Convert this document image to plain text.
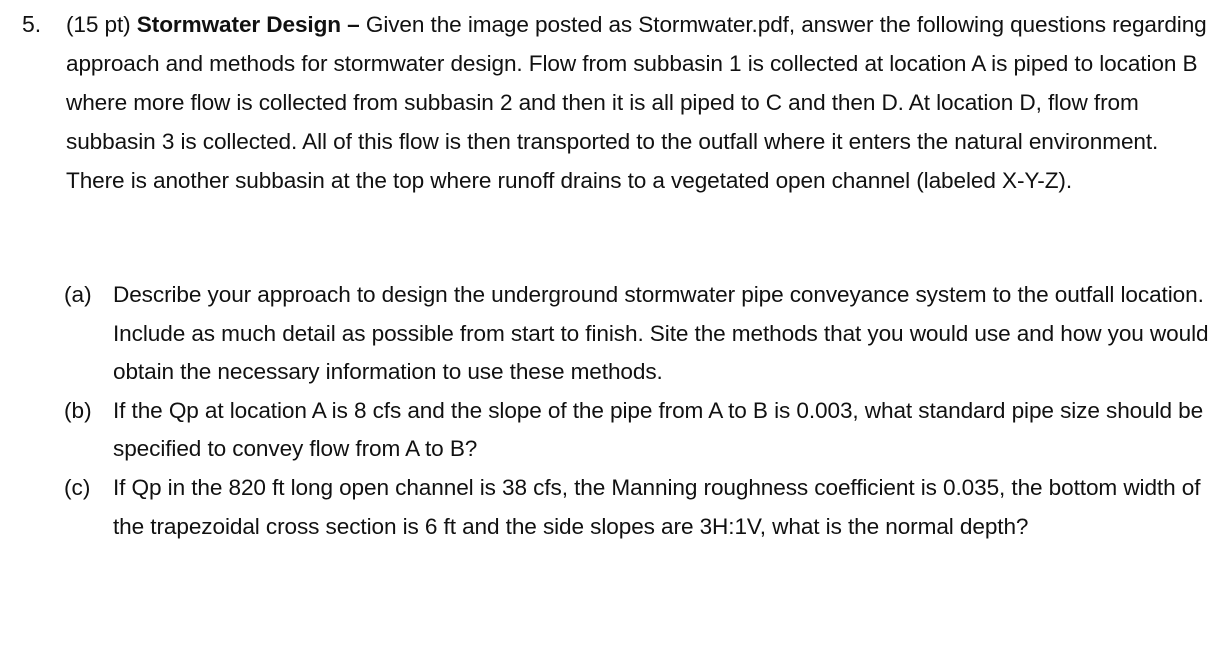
5. (15 pt) Stormwater Design – Given the image posted as Stormwater.pdf, answer the following questions regarding approach and methods for stormwater design. Flow from subbasin 1 is collected at location A is piped to location B where more flow is collected from subbasin 2 and then it is all piped to C and then D. At location D, flow from subbasin 3 is collected. All of this flow is then transported to the outfall where it enters the natural environment. There is another subbasin at the top where runoff drains to a vegetated open channel (labeled X-Y-Z).
(a) Describe your approach to design the underground stormwater pipe conveyance system to the outfall location. Include as much detail as possible from start to finish. Site the methods that you would use and how you would obtain the necessary information to use these methods.
(b) If the Qp at location A is 8 cfs and the slope of the pipe from A to B is 0.003, what standard pipe size should be specified to convey flow from A to B?
(c) If Qp in the 820 ft long open channel is 38 cfs, the Manning roughness coefficient is 0.035, the bottom width of the trapezoidal cross section is 6 ft and the side slopes are 3H:1V, what is the normal depth?
